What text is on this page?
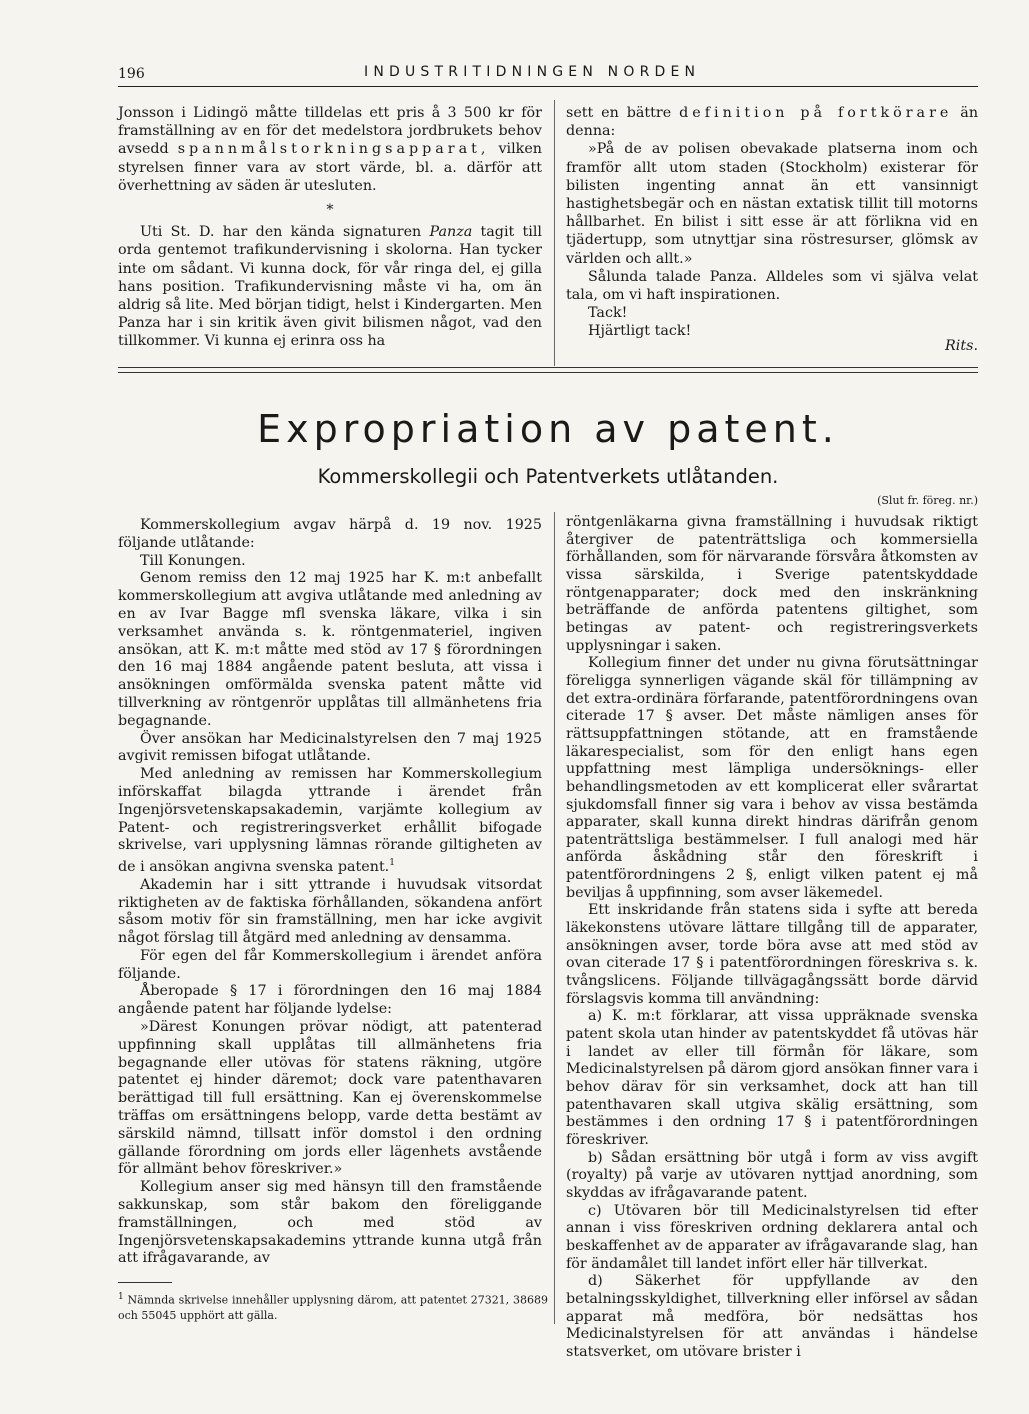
196	INDUSTRITIDNINGEN NORDEN

Jonsson i Lidingö måtte tilldelas ett pris å 3 500 kr för framställning av en för det medelstora jordbrukets behov avsedd spannmålstorkningsapparat, vilken styrelsen finner vara av stort värde, bl. a. därför att överhettning av säden är utesluten.

*

Uti St. D. har den kända signaturen Panza tagit till orda gentemot trafikundervisning i skolorna. Han tycker inte om sådant. Vi kunna dock, för vår ringa del, ej gilla hans position. Trafikundervisning måste vi ha, om än aldrig så lite. Med början tidigt, helst i Kindergarten. Men Panza har i sin kritik även givit bilismen något, vad den tillkommer. Vi kunna ej erinra oss ha

sett en bättre definition på fortkörare än denna:

»På de av polisen obevakade platserna inom och framför allt utom staden (Stockholm) existerar för bilisten ingenting annat än ett vansinnigt hastighetsbegär och en nästan extatisk tillit till motorns hållbarhet. En bilist i sitt esse är att förlikna vid en tjädertupp, som utnyttjar sina röstresurser, glömsk av världen och allt.»

Sålunda talade Panza. Alldeles som vi själva velat tala, om vi haft inspirationen.

Tack!

Hjärtligt tack!

Rits.

Expropriation av patent.
Kommerskollegii och Patentverkets utlåtanden.
(Slut fr. föreg. nr.)

Kommerskollegium avgav härpå d. 19 nov. 1925 följande utlåtande:

Till Konungen.

Genom remiss den 12 maj 1925 har K. m:t anbefallt kommerskollegium att avgiva utlåtande med anledning av en av Ivar Bagge mfl svenska läkare, vilka i sin verksamhet använda s. k. röntgenmateriel, ingiven ansökan, att K. m:t måtte med stöd av 17 § förordningen den 16 maj 1884 angående patent besluta, att vissa i ansökningen omförmälda svenska patent måtte vid tillverkning av röntgenrör upplåtas till allmänhetens fria begagnande.

Över ansökan har Medicinalstyrelsen den 7 maj 1925 avgivit remissen bifogat utlåtande.

Med anledning av remissen har Kommerskollegium införskaffat bilagda yttrande i ärendet från Ingenjörsvetenskapsakademin, varjämte kollegium av Patent- och registreringsverket erhållit bifogade skrivelse, vari upplysning lämnas rörande giltigheten av de i ansökan angivna svenska patent.$^1$

Akademin har i sitt yttrande i huvudsak vitsordat riktigheten av de faktiska förhållanden, sökandena anfört såsom motiv för sin framställning, men har icke avgivit något förslag till åtgärd med anledning av densamma.

För egen del får Kommerskollegium i ärendet anföra följande.

Åberopade § 17 i förordningen den 16 maj 1884 angående patent har följande lydelse:

»Därest Konungen prövar nödigt, att patenterad uppfinning skall upplåtas till allmänhetens fria begagnande eller utövas för statens räkning, utgöre patentet ej hinder däremot; dock vare patenthavaren berättigad till full ersättning. Kan ej överenskommelse träffas om ersättningens belopp, varde detta bestämt av särskild nämnd, tillsatt inför domstol i den ordning gällande förordning om jords eller lägenhets avstående för allmänt behov föreskriver.»

Kollegium anser sig med hänsyn till den framstående sakkunskap, som står bakom den föreliggande framställningen, och med stöd av Ingenjörsvetenskapsakademins yttrande kunna utgå från att ifrågavarande, av

röntgenläkarna givna framställning i huvudsak riktigt återgiver de patenträttsliga och kommersiella förhållanden, som för närvarande försvåra åtkomsten av vissa särskilda, i Sverige patentskyddade röntgenapparater; dock med den inskränkning beträffande de anförda patentens giltighet, som betingas av patent- och registreringsverkets upplysningar i saken.

Kollegium finner det under nu givna förutsättningar föreligga synnerligen vägande skäl för tillämpning av det extra-ordinära förfarande, patentförordningens ovan citerade 17 § avser. Det måste nämligen anses för rättsuppfattningen stötande, att en framstående läkarespecialist, som för den enligt hans egen uppfattning mest lämpliga undersöknings- eller behandlingsmetoden av ett komplicerat eller svårartat sjukdomsfall finner sig vara i behov av vissa bestämda apparater, skall kunna direkt hindras därifrån genom patenträttsliga bestämmelser. I full analogi med här anförda åskådning står den föreskrift i patentförordningens 2 §, enligt vilken patent ej må beviljas å uppfinning, som avser läkemedel.

Ett inskridande från statens sida i syfte att bereda läkekonstens utövare lättare tillgång till de apparater, ansökningen avser, torde böra avse att med stöd av ovan citerade 17 § i patentförordningen föreskriva s. k. tvångslicens. Följande tillvägagångssätt borde därvid förslagsvis komma till användning:

a) K. m:t förklarar, att vissa uppräknade svenska patent skola utan hinder av patentskyddet få utövas här i landet av eller till förmån för läkare, som Medicinalstyrelsen på därom gjord ansökan finner vara i behov därav för sin verksamhet, dock att han till patenthavaren skall utgiva skälig ersättning, som bestämmes i den ordning 17 § i patentförordningen föreskriver.

b) Sådan ersättning bör utgå i form av viss avgift (royalty) på varje av utövaren nyttjad anordning, som skyddas av ifrågavarande patent.

c) Utövaren bör till Medicinalstyrelsen tid efter annan i viss föreskriven ordning deklarera antal och beskaffenhet av de apparater av ifrågavarande slag, han för ändamålet till landet infört eller här tillverkat.

d) Säkerhet för uppfyllande av den betalningsskyldighet, tillverkning eller införsel av sådan apparat må medföra, bör nedsättas hos Medicinalstyrelsen för att användas i händelse statsverket, om utövare brister i

$^1$ Nämnda skrivelse innehåller upplysning därom, att patentet 27321, 38689 och 55045 upphört att gälla.
